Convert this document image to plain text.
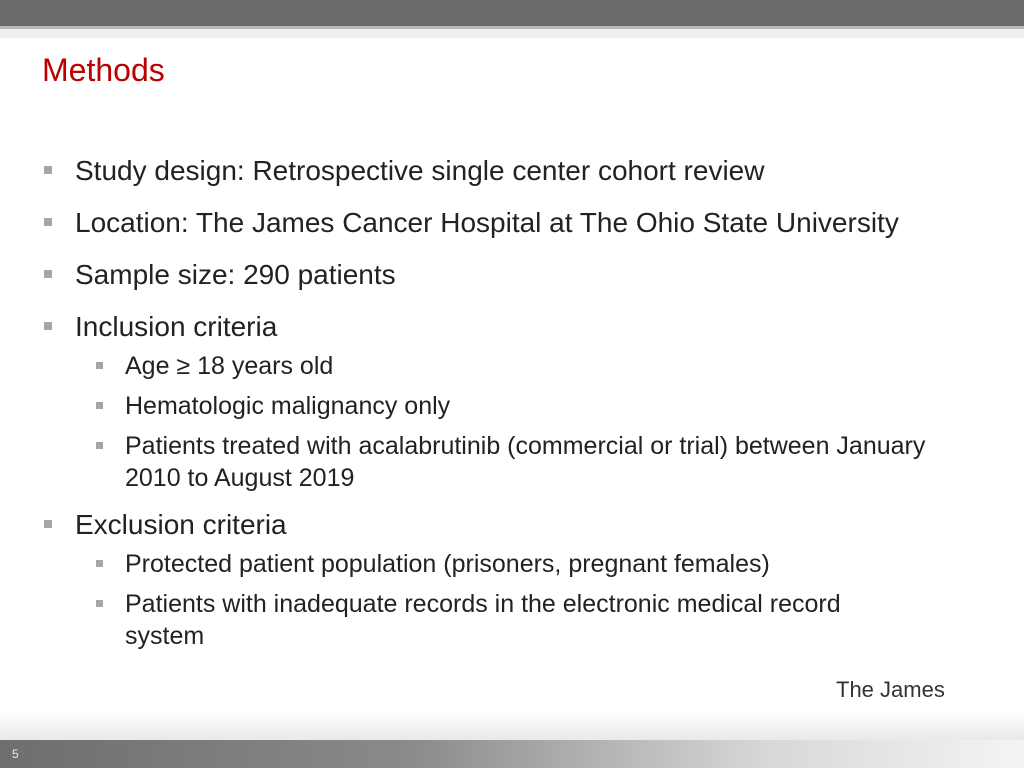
Methods
Study design: Retrospective single center cohort review
Location: The James Cancer Hospital at The Ohio State University
Sample size: 290 patients
Inclusion criteria
Age ≥ 18 years old
Hematologic malignancy only
Patients treated with acalabrutinib (commercial or trial) between January 2010 to August 2019
Exclusion criteria
Protected patient population (prisoners, pregnant females)
Patients with inadequate records in the electronic medical record system
The James
5
